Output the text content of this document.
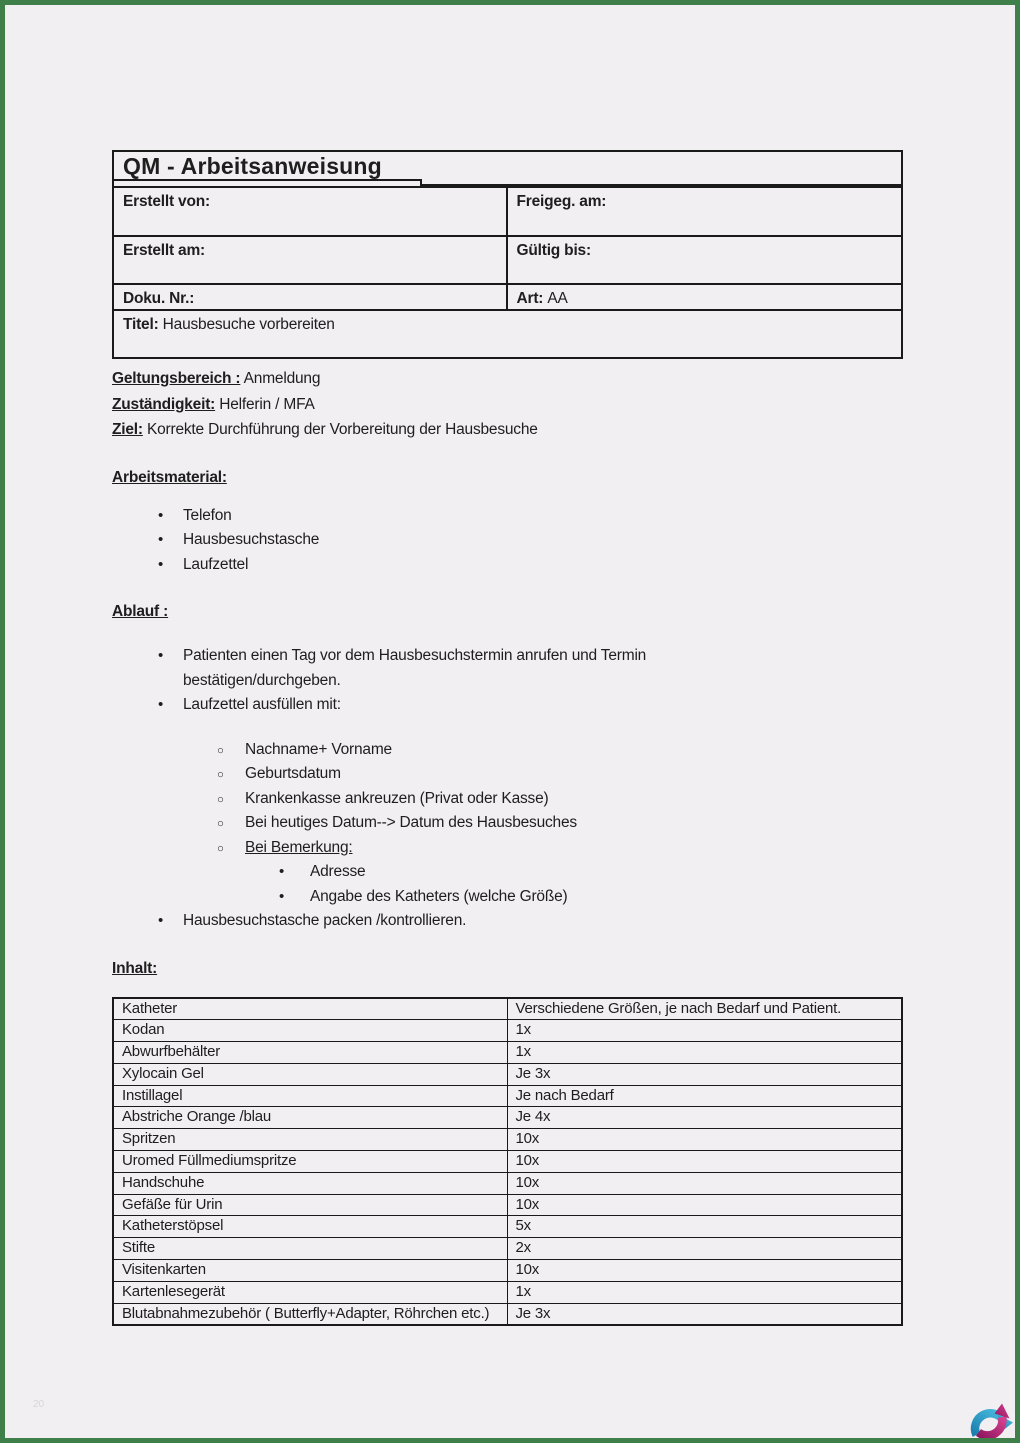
QM - Arbeitsanweisung
Erstellt von:	Freigeg. am:
Erstellt am:	Gültig bis:
Doku. Nr.:	Art: AA
Titel: Hausbesuche vorbereiten
Geltungsbereich : Anmeldung
Zuständigkeit: Helferin / MFA
Ziel: Korrekte Durchführung der Vorbereitung der Hausbesuche
Arbeitsmaterial:
• Telefon
• Hausbesuchstasche
• Laufzettel
Ablauf :
• Patienten einen Tag vor dem Hausbesuchstermin anrufen und Termin
bestätigen/durchgeben.
• Laufzettel ausfüllen mit:
○ Nachname+ Vorname
○ Geburtsdatum
○ Krankenkasse ankreuzen (Privat oder Kasse)
○ Bei heutiges Datum--> Datum des Hausbesuches
○ Bei Bemerkung:
• Adresse
• Angabe des Katheters (welche Größe)
• Hausbesuchstasche packen /kontrollieren.
Inhalt:
Katheter	Verschiedene Größen, je nach Bedarf und Patient.
Kodan	1x
Abwurfbehälter	1x
Xylocain Gel	Je 3x
Instillagel	Je nach Bedarf
Abstriche Orange /blau	Je 4x
Spritzen	10x
Uromed Füllmediumspritze	10x
Handschuhe	10x
Gefäße für Urin	10x
Katheterstöpsel	5x
Stifte	2x
Visitenkarten	10x
Kartenlesegerät	1x
Blutabnahmezubehör ( Butterfly+Adapter, Röhrchen etc.)	Je 3x
20
